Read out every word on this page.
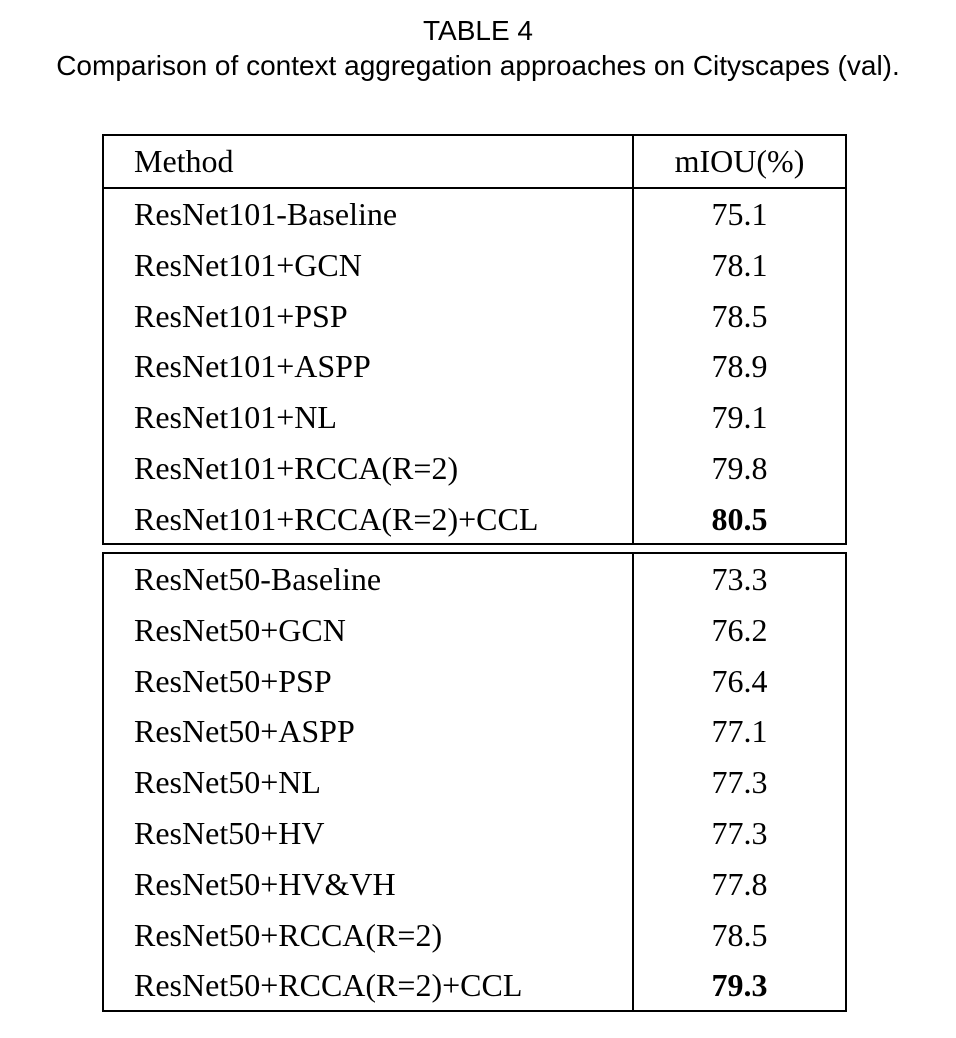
TABLE 4
Comparison of context aggregation approaches on Cityscapes (val).
Method	mIOU(%)
ResNet101-Baseline	75.1
ResNet101+GCN	78.1
ResNet101+PSP	78.5
ResNet101+ASPP	78.9
ResNet101+NL	79.1
ResNet101+RCCA(R=2)	79.8
ResNet101+RCCA(R=2)+CCL	80.5
ResNet50-Baseline	73.3
ResNet50+GCN	76.2
ResNet50+PSP	76.4
ResNet50+ASPP	77.1
ResNet50+NL	77.3
ResNet50+HV	77.3
ResNet50+HV&VH	77.8
ResNet50+RCCA(R=2)	78.5
ResNet50+RCCA(R=2)+CCL	79.3
